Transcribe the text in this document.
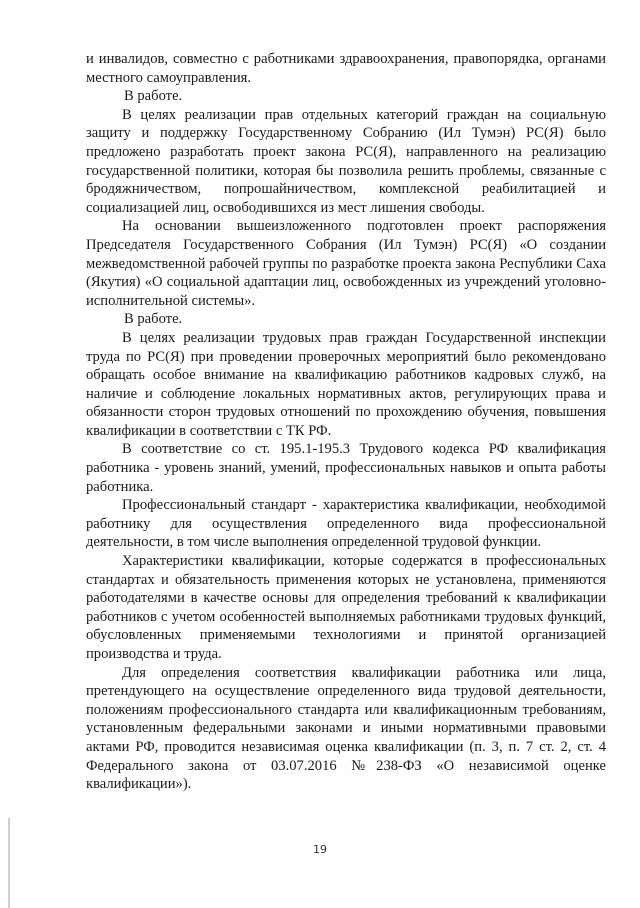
и инвалидов, совместно с работниками здравоохранения, правопорядка, органами местного самоуправления.

В работе.

В целях реализации прав отдельных категорий граждан на социальную защиту и поддержку Государственному Собранию (Ил Тумэн) РС(Я) было предложено разработать проект закона РС(Я), направленного на реализацию государственной политики, которая бы позволила решить проблемы, связанные с бродяжничеством, попрошайничеством, комплексной реабилитацией и социализацией лиц, освободившихся из мест лишения свободы.

На основании вышеизложенного подготовлен проект распоряжения Председателя Государственного Собрания (Ил Тумэн) РС(Я) «О создании межведомственной рабочей группы по разработке проекта закона Республики Саха (Якутия) «О социальной адаптации лиц, освобожденных из учреждений уголовно-исполнительной системы».

В работе.

В целях реализации трудовых прав граждан Государственной инспекции труда по РС(Я) при проведении проверочных мероприятий было рекомендовано обращать особое внимание на квалификацию работников кадровых служб, на наличие и соблюдение локальных нормативных актов, регулирующих права и обязанности сторон трудовых отношений по прохождению обучения, повышения квалификации в соответствии с ТК РФ.

В соответствие со ст. 195.1-195.3 Трудового кодекса РФ квалификация работника - уровень знаний, умений, профессиональных навыков и опыта работы работника.

Профессиональный стандарт - характеристика квалификации, необходимой работнику для осуществления определенного вида профессиональной деятельности, в том числе выполнения определенной трудовой функции.

Характеристики квалификации, которые содержатся в профессиональных стандартах и обязательность применения которых не установлена, применяются работодателями в качестве основы для определения требований к квалификации работников с учетом особенностей выполняемых работниками трудовых функций, обусловленных применяемыми технологиями и принятой организацией производства и труда.

Для определения соответствия квалификации работника или лица, претендующего на осуществление определенного вида трудовой деятельности, положениям профессионального стандарта или квалификационным требованиям, установленным федеральными законами и иными нормативными правовыми актами РФ, проводится независимая оценка квалификации (п. 3, п. 7 ст. 2, ст. 4 Федерального закона от 03.07.2016 №238-ФЗ «О независимой оценке квалификации»).

19
